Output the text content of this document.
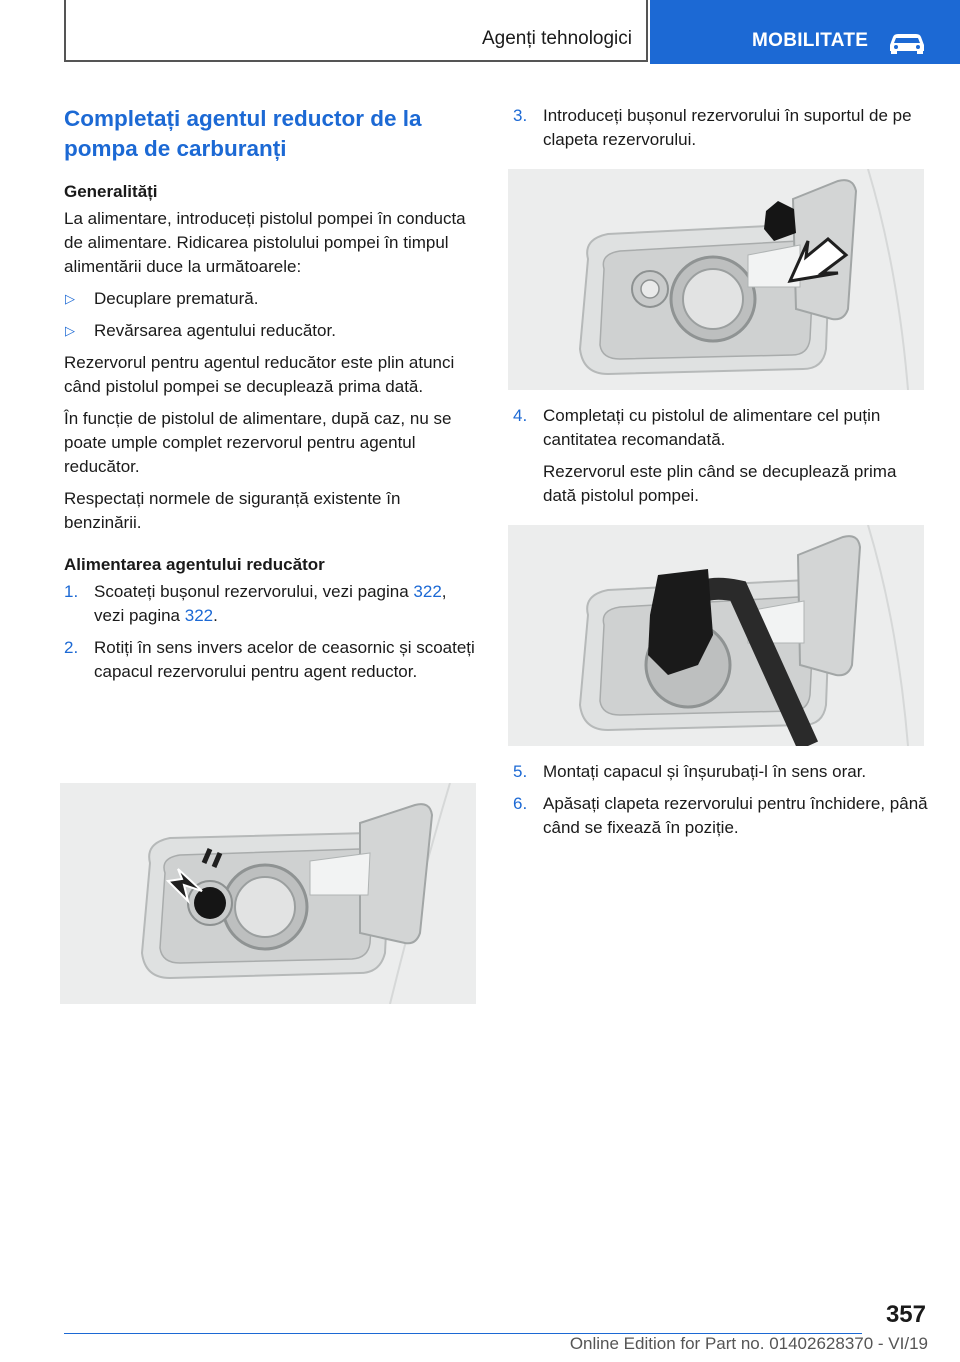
Agenți tehnologici	MOBILITATE
Completați agentul reductor de la pompa de carburanți
Generalități

La alimentare, introduceți pistolul pompei în conducta de alimentare. Ridicarea pistolului pompei în timpul alimentării duce la următoarele:

▷ Decuplare prematură.
▷ Revărsarea agentului reducător.

Rezervorul pentru agentul reducător este plin atunci când pistolul pompei se decuplează prima dată.

În funcție de pistolul de alimentare, după caz, nu se poate umple complet rezervorul pentru agentul reducător.

Respectați normele de siguranță existente în benzinării.

Alimentarea agentului reducător
1. Scoateți bușonul rezervorului, vezi pagina 322, vezi pagina 322.
2. Rotiți în sens invers acelor de ceasornic și scoateți capacul rezervorului pentru agent reductor.
3. Introduceți bușonul rezervorului în suportul de pe clapeta rezervorului.
4. Completați cu pistolul de alimentare cel puțin cantitatea recomandată.

Rezervorul este plin când se decuplează prima dată pistolul pompei.

5. Montați capacul și înșurubați-l în sens orar.
6. Apăsați clapeta rezervorului pentru închidere, până când se fixează în poziție.
357
Online Edition for Part no. 01402628370 - VI/19
